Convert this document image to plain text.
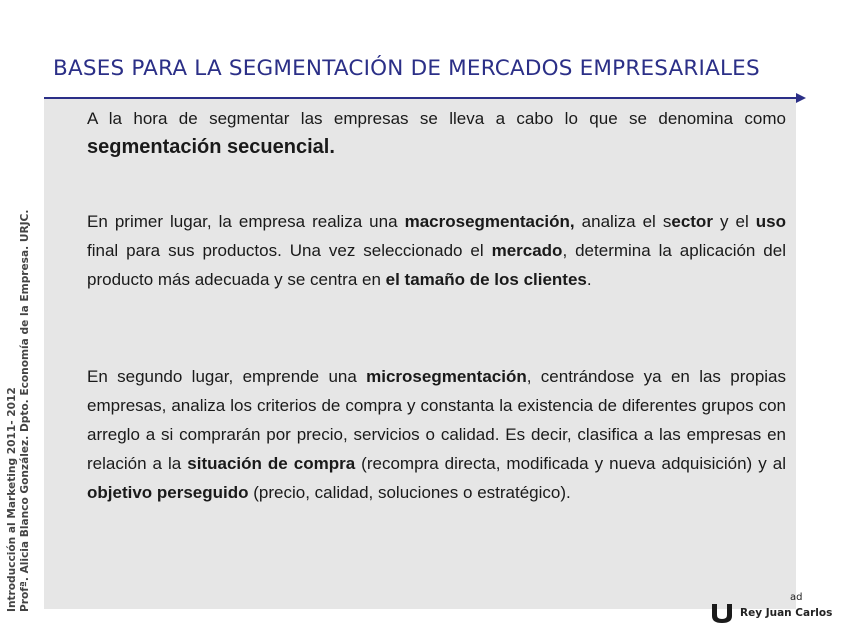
BASES PARA LA SEGMENTACIÓN DE MERCADOS EMPRESARIALES

A la hora de segmentar las empresas se lleva a cabo lo que se denomina como segmentación secuencial.

En primer lugar, la empresa realiza una macrosegmentación, analiza el sector y el uso final para sus productos. Una vez seleccionado el mercado, determina la aplicación del producto más adecuada y se centra en el tamaño de los clientes.

En segundo lugar, emprende una microsegmentación, centrándose ya en las propias empresas, analiza los criterios de compra y constanta la existencia de diferentes grupos con arreglo a si comprarán por precio, servicios o calidad. Es decir, clasifica a las empresas en relación a la situación de compra (recompra directa, modificada y nueva adquisición) y al objetivo perseguido (precio, calidad, soluciones o estratégico).

Introducción al Marketing 2011- 2012 Profª. Alicia Blanco González. Dpto. Economía de la Empresa. URJC.	ad
Rey Juan Carlos
